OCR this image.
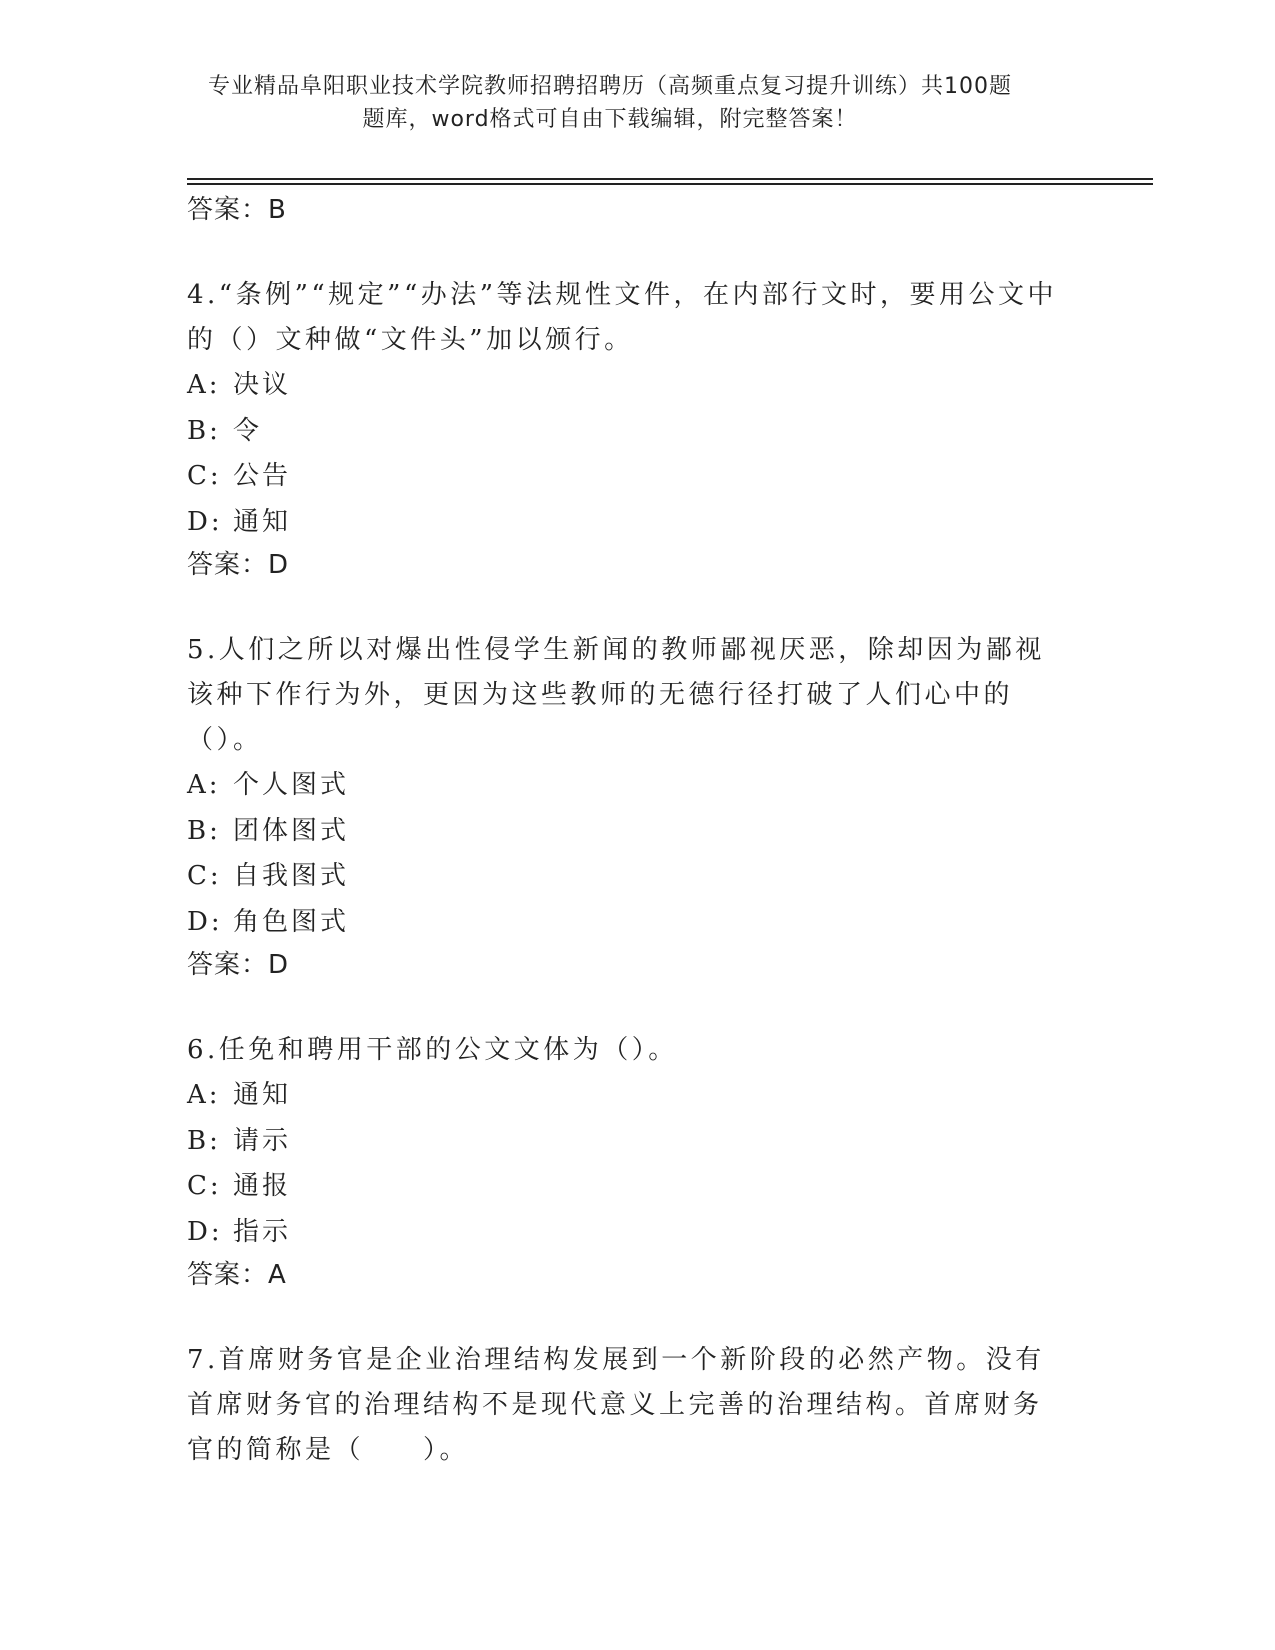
专业精品阜阳职业技术学院教师招聘招聘历（高频重点复习提升训练）共100题
题库，word格式可自由下载编辑，附完整答案！
答案：B
4.“条例”“规定”“办法”等法规性文件，在内部行文时，要用公文中的（）文种做“文件头”加以颁行。
A: 决议
B: 令
C: 公告
D: 通知
答案：D
5.人们之所以对爆出性侵学生新闻的教师鄙视厌恶，除却因为鄙视该种下作行为外，更因为这些教师的无德行径打破了人们心中的（）。
A: 个人图式
B: 团体图式
C: 自我图式
D: 角色图式
答案：D
6.任免和聘用干部的公文文体为（）。
A: 通知
B: 请示
C: 通报
D: 指示
答案：A
7.首席财务官是企业治理结构发展到一个新阶段的必然产物。没有首席财务官的治理结构不是现代意义上完善的治理结构。首席财务官的简称是（　　）。
